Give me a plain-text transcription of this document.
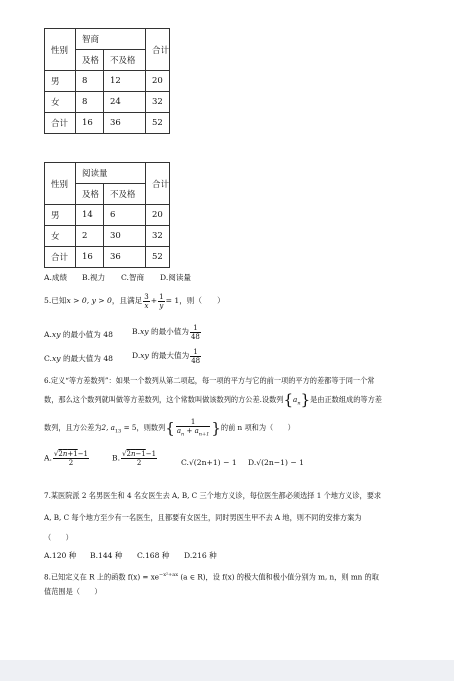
性别	智商		合计
	及格	不及格	
男	8	12	20
女	8	24	32
合计	16	36	52
性别	阅读量		合计
	及格	不及格	
男	14	6	20
女	2	30	32
合计	16	36	52
A.成绩 B.视力 C.智商 D.阅读量
5.已知x > 0, y > 0，且满足 $\frac{3}{x} + \frac{1}{y} = 1$，则（　　）
A.xy 的最小值为 48	B.xy 的最小值为 $\frac{1}{48}$
C.xy 的最大值为 48 D.xy 的最大值为 $\frac{1}{48}$
6.定义“等方差数列”：如果一个数列从第二项起，每一项的平方与它的前一项的平方的差都等于同一个常
数，那么这个数列就叫做等方差数列，这个常数叫做该数列的方公差.设数列$\{a_n\}$是由正数组成的等方差
数列，且方公差为2, $a_{13} = 5$，则数列{ $\frac{1}{a_n + a_{n+1}}$ }的前 n 项和为（　　）
A. $\frac{√2n+1-1}{2}$	B. $\frac{√2n-1-1}{2}$	C.√(2n+1) − 1 D.√(2n−1) − 1
7.某医院派 2 名男医生和 4 名女医生去 A, B, C 三个地方义诊，每位医生都必须选择 1 个地方义诊，要求
A, B, C 每个地方至少有一名医生，且都要有女医生，同时男医生甲不去 A 地，则不同的安排方案为
（　　）
A.120 种 B.144 种 C.168 种 D.216 种
8.已知定义在 R 上的函数 $f(x) = xe^{-x^2+ax}$ (a ∈ R)，设 f(x) 的极大值和极小值分别为 m, n，则 mn 的取
值范围是（　　）
